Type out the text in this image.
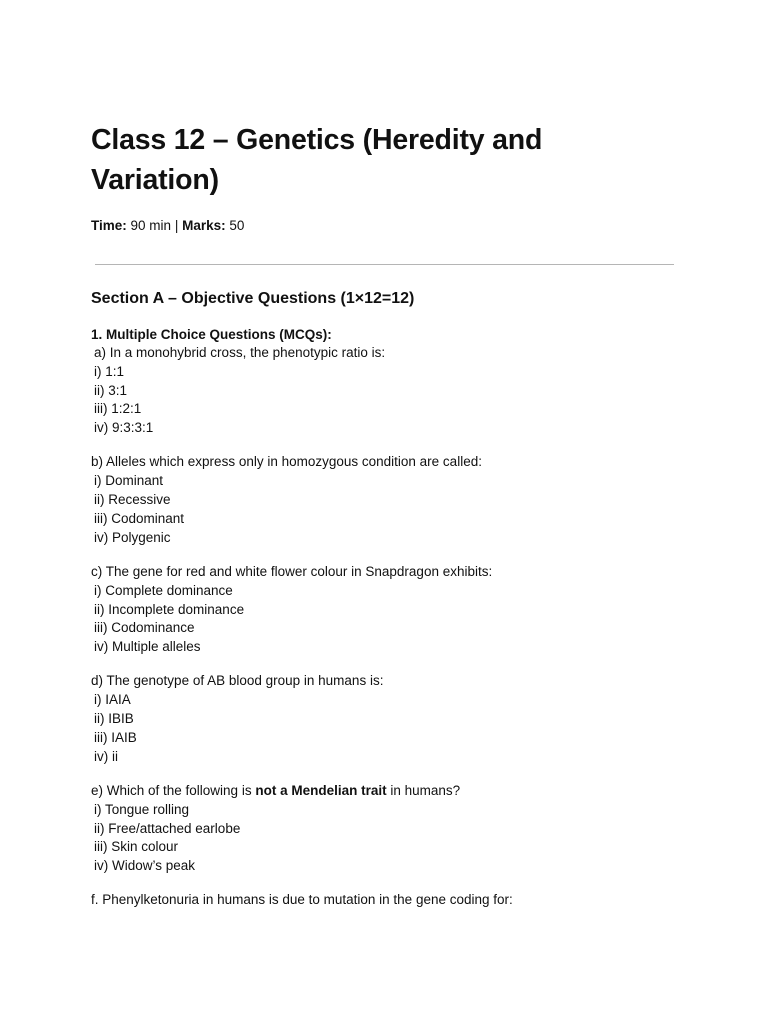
Class 12 – Genetics (Heredity and Variation)
Time: 90 min | Marks: 50
Section A – Objective Questions (1×12=12)
1. Multiple Choice Questions (MCQs):
a) In a monohybrid cross, the phenotypic ratio is:
i) 1:1
ii) 3:1
iii) 1:2:1
iv) 9:3:3:1
b) Alleles which express only in homozygous condition are called:
i) Dominant
ii) Recessive
iii) Codominant
iv) Polygenic
c) The gene for red and white flower colour in Snapdragon exhibits:
i) Complete dominance
ii) Incomplete dominance
iii) Codominance
iv) Multiple alleles
d) The genotype of AB blood group in humans is:
i) IAIA
ii) IBIB
iii) IAIB
iv) ii
e) Which of the following is not a Mendelian trait in humans?
i) Tongue rolling
ii) Free/attached earlobe
iii) Skin colour
iv) Widow’s peak
f. Phenylketonuria in humans is due to mutation in the gene coding for:
